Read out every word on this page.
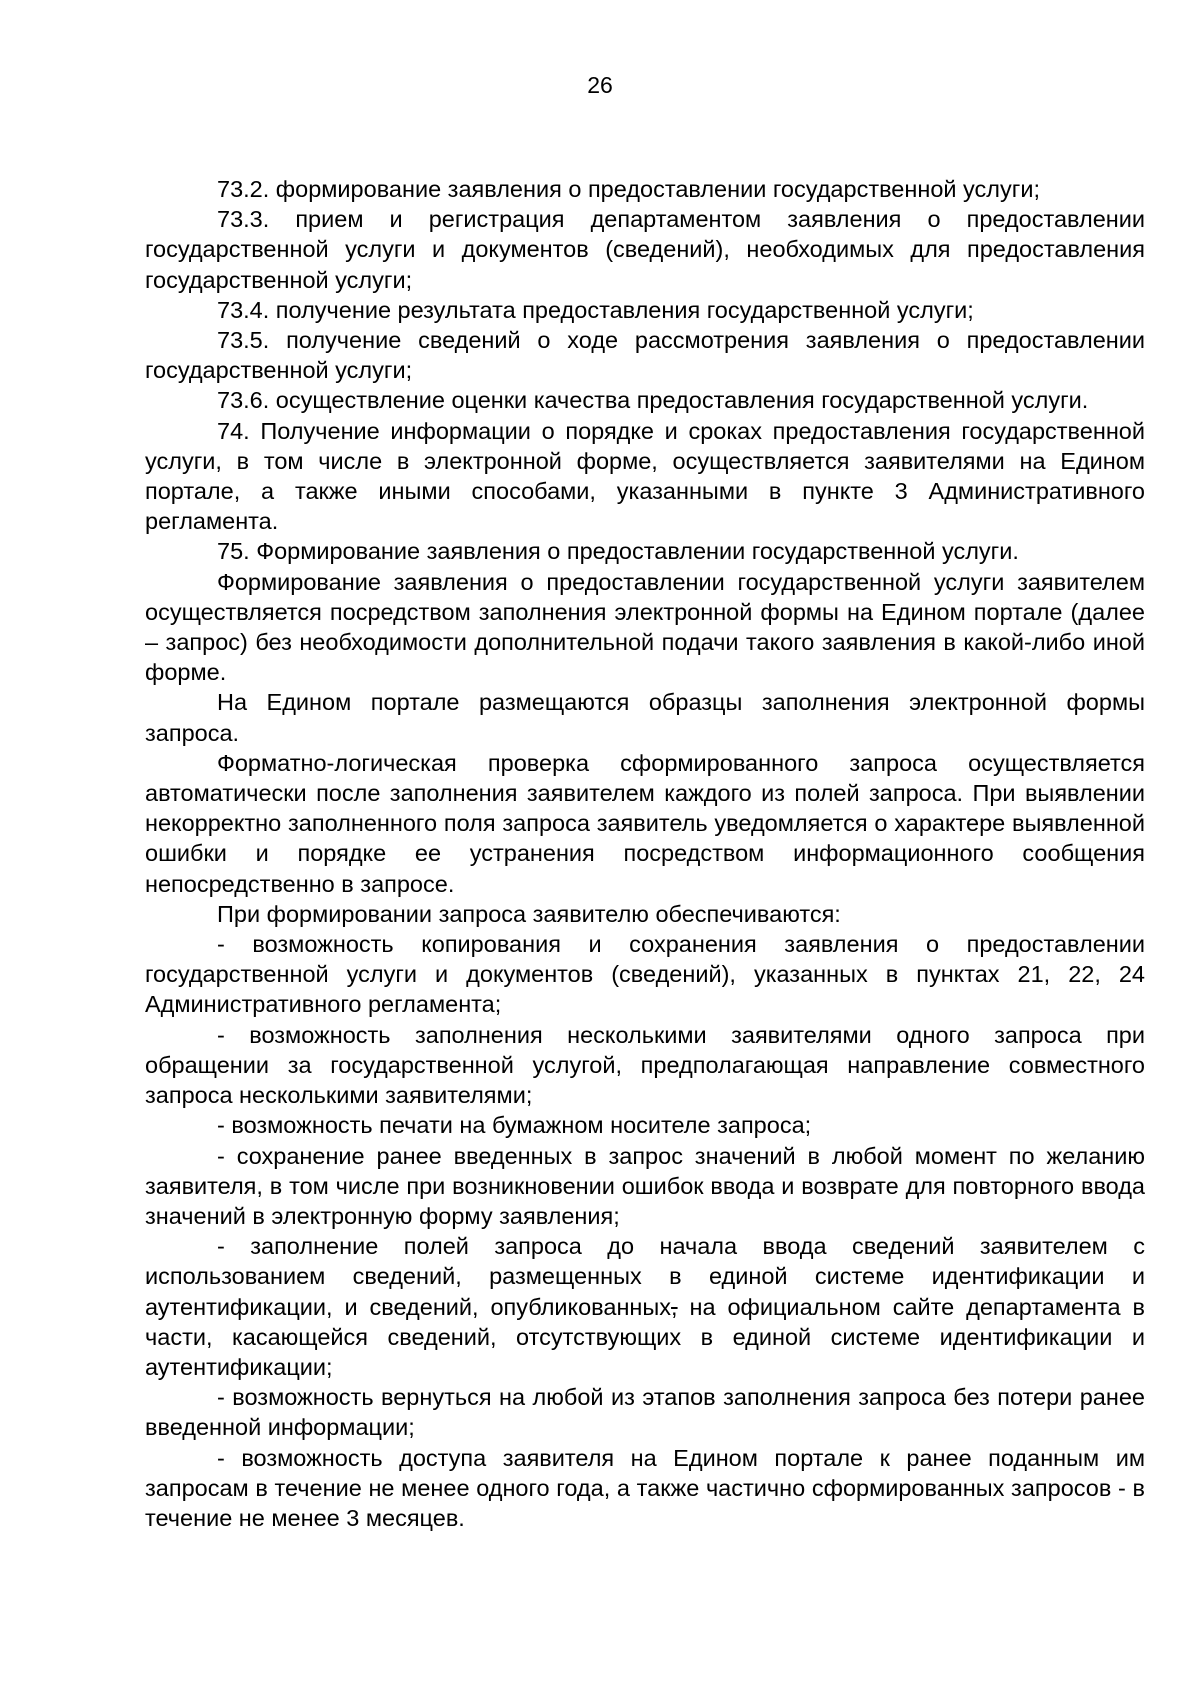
26

73.2. формирование заявления о предоставлении государственной услуги;

73.3. прием и регистрация департаментом заявления о предоставлении государственной услуги и документов (сведений), необходимых для предоставления государственной услуги;

73.4. получение результата предоставления государственной услуги;

73.5. получение сведений о ходе рассмотрения заявления о предоставлении государственной услуги;

73.6. осуществление оценки качества предоставления государственной услуги.

74. Получение информации о порядке и сроках предоставления государственной услуги, в том числе в электронной форме, осуществляется заявителями на Едином портале, а также иными способами, указанными в пункте 3 Административного регламента.

75. Формирование заявления о предоставлении государственной услуги.

Формирование заявления о предоставлении государственной услуги заявителем осуществляется посредством заполнения электронной формы на Едином портале (далее – запрос) без необходимости дополнительной подачи такого заявления в какой-либо иной форме.

На Едином портале размещаются образцы заполнения электронной формы запроса.

Форматно-логическая проверка сформированного запроса осуществляется автоматически после заполнения заявителем каждого из полей запроса. При выявлении некорректно заполненного поля запроса заявитель уведомляется о характере выявленной ошибки и порядке ее устранения посредством информационного сообщения непосредственно в запросе.

При формировании запроса заявителю обеспечиваются:

- возможность копирования и сохранения заявления о предоставлении государственной услуги и документов (сведений), указанных в пунктах 21, 22, 24 Административного регламента;

- возможность заполнения несколькими заявителями одного запроса при обращении за государственной услугой, предполагающая направление совместного запроса несколькими заявителями;

- возможность печати на бумажном носителе запроса;

- сохранение ранее введенных в запрос значений в любой момент по желанию заявителя, в том числе при возникновении ошибок ввода и возврате для повторного ввода значений в электронную форму заявления;

- заполнение полей запроса до начала ввода сведений заявителем с использованием сведений, размещенных в единой системе идентификации и аутентификации, и сведений, опубликованных, на официальном сайте департамента в части, касающейся сведений, отсутствующих в единой системе идентификации и аутентификации;

- возможность вернуться на любой из этапов заполнения запроса без потери ранее введенной информации;

- возможность доступа заявителя на Едином портале к ранее поданным им запросам в течение не менее одного года, а также частично сформированных запросов - в течение не менее 3 месяцев.
